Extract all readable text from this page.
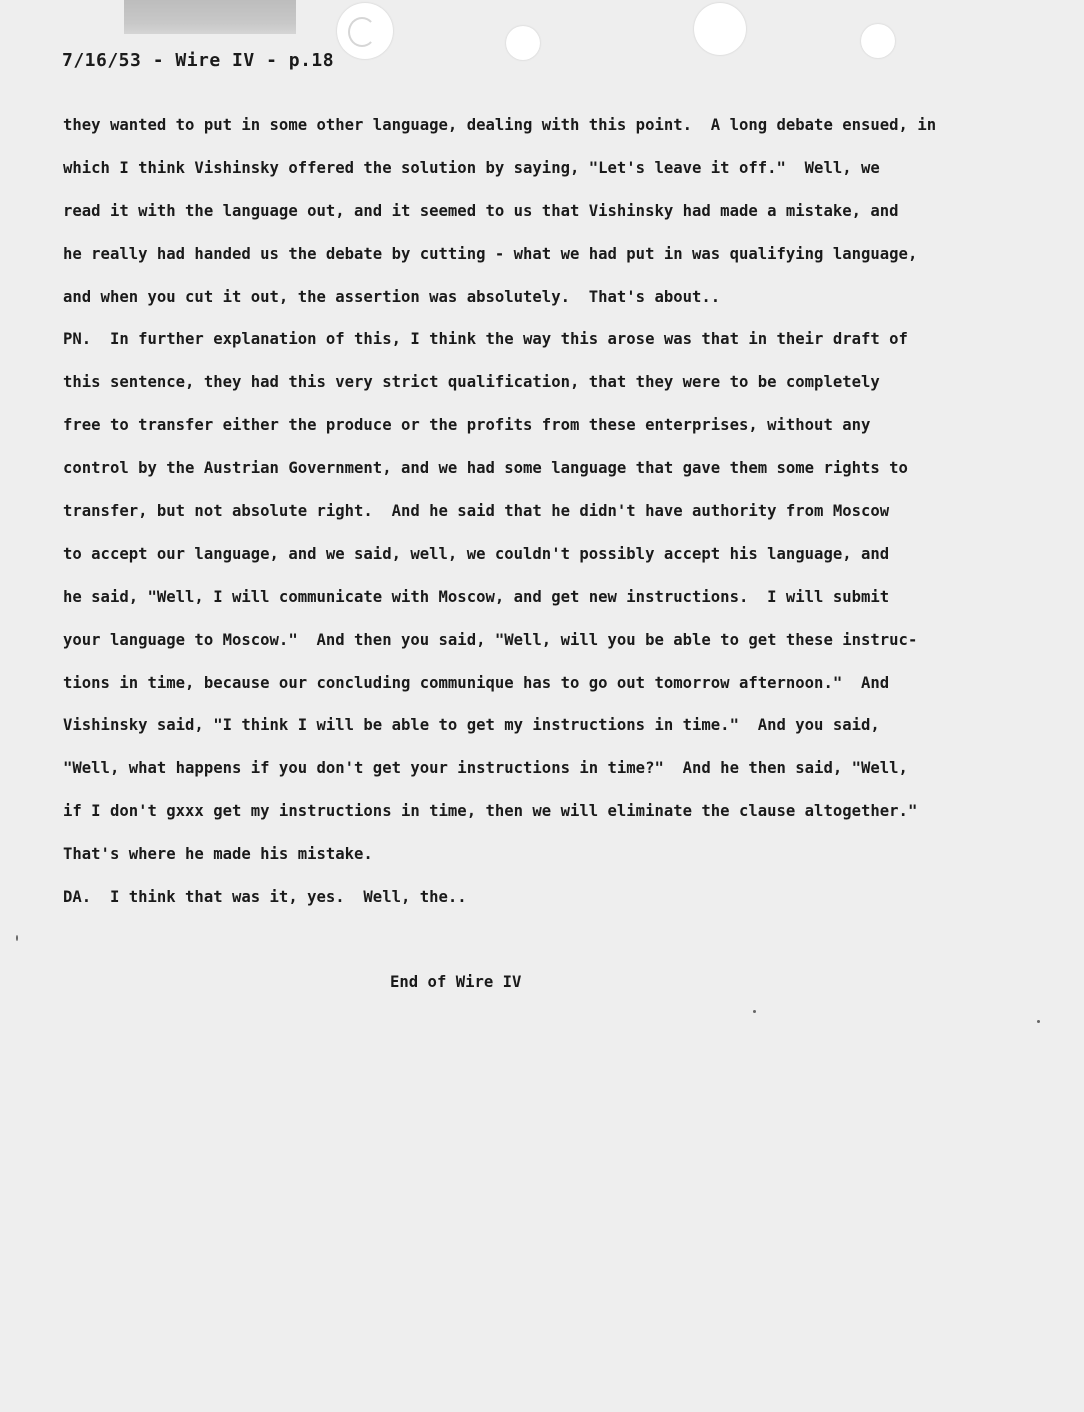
7/16/53 - Wire IV - p.18
they wanted to put in some other language, dealing with this point.  A long debate ensued, in
which I think Vishinsky offered the solution by saying, "Let's leave it off."  Well, we
read it with the language out, and it seemed to us that Vishinsky had made a mistake, and
he really had handed us the debate by cutting - what we had put in was qualifying language,
and when you cut it out, the assertion was absolutely.  That's about..
PN.  In further explanation of this, I think the way this arose was that in their draft of
this sentence, they had this very strict qualification, that they were to be completely
free to transfer either the produce or the profits from these enterprises, without any
control by the Austrian Government, and we had some language that gave them some rights to
transfer, but not absolute right.  And he said that he didn't have authority from Moscow
to accept our language, and we said, well, we couldn't possibly accept his language, and
he said, "Well, I will communicate with Moscow, and get new instructions.  I will submit
your language to Moscow."  And then you said, "Well, will you be able to get these instruc-
tions in time, because our concluding communique has to go out tomorrow afternoon."  And
Vishinsky said, "I think I will be able to get my instructions in time."  And you said,
"Well, what happens if you don't get your instructions in time?"  And he then said, "Well,
if I don't gxxx get my instructions in time, then we will eliminate the clause altogether."
That's where he made his mistake.
DA.  I think that was it, yes.  Well, the..
End of Wire IV
